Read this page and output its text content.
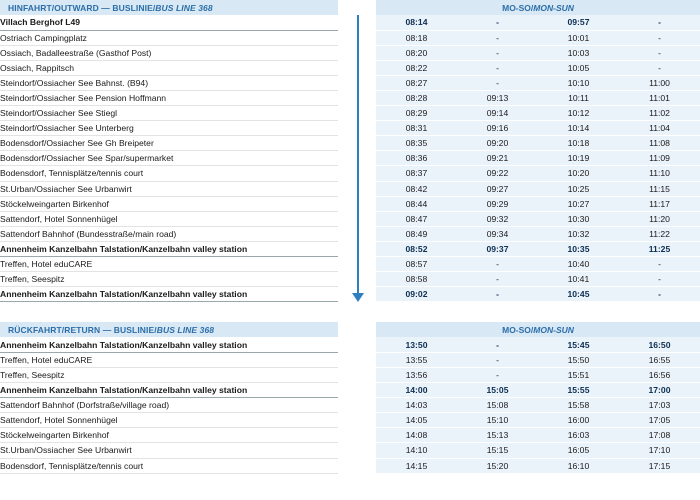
HINFAHRT/OUTWARD — BUSLINIE/ BUS LINE 368	MO-SO/ MON-SUN
Villach Berghof L49		08:14	-	09:57	-
Ostriach Campingplatz		08:18	-	10:01	-
Ossiach, Badalleestraße (Gasthof Post)		08:20	-	10:03	-
Ossiach, Rappitsch		08:22	-	10:05	-
Steindorf/Ossiacher See Bahnst. (B94)		08:27	-	10:10	11:00
Steindorf/Ossiacher See Pension Hoffmann		08:28	09:13	10:11	11:01
Steindorf/Ossiacher See Stiegl		08:29	09:14	10:12	11:02
Steindorf/Ossiacher See Unterberg		08:31	09:16	10:14	11:04
Bodensdorf/Ossiacher See Gh Breipeter		08:35	09:20	10:18	11:08
Bodensdorf/Ossiacher See Spar/supermarket		08:36	09:21	10:19	11:09
Bodensdorf, Tennisplätze/tennis court		08:37	09:22	10:20	11:10
St.Urban/Ossiacher See Urbanwirt		08:42	09:27	10:25	11:15
Stöckelweingarten Birkenhof		08:44	09:29	10:27	11:17
Sattendorf, Hotel Sonnenhügel		08:47	09:32	10:30	11:20
Sattendorf Bahnhof (Bundesstraße/main road)		08:49	09:34	10:32	11:22
Annenheim Kanzelbahn Talstation/Kanzelbahn valley station		08:52	09:37	10:35	11:25
Treffen, Hotel eduCARE		08:57	-	10:40	-
Treffen, Seespitz		08:58	-	10:41	-
Annenheim Kanzelbahn Talstation/Kanzelbahn valley station		09:02	-	10:45	-
RÜCKFAHRT/RETURN — BUSLINIE/ BUS LINE 368	MO-SO/ MON-SUN
Annenheim Kanzelbahn Talstation/Kanzelbahn valley station		13:50	-	15:45	16:50
Treffen, Hotel eduCARE		13:55	-	15:50	16:55
Treffen, Seespitz		13:56	-	15:51	16:56
Annenheim Kanzelbahn Talstation/Kanzelbahn valley station		14:00	15:05	15:55	17:00
Sattendorf Bahnhof (Dorfstraße/village road)		14:03	15:08	15:58	17:03
Sattendorf, Hotel Sonnenhügel		14:05	15:10	16:00	17:05
Stöckelweingarten Birkenhof		14:08	15:13	16:03	17:08
St.Urban/Ossiacher See Urbanwirt		14:10	15:15	16:05	17:10
Bodensdorf, Tennisplätze/tennis court		14:15	15:20	16:10	17:15
